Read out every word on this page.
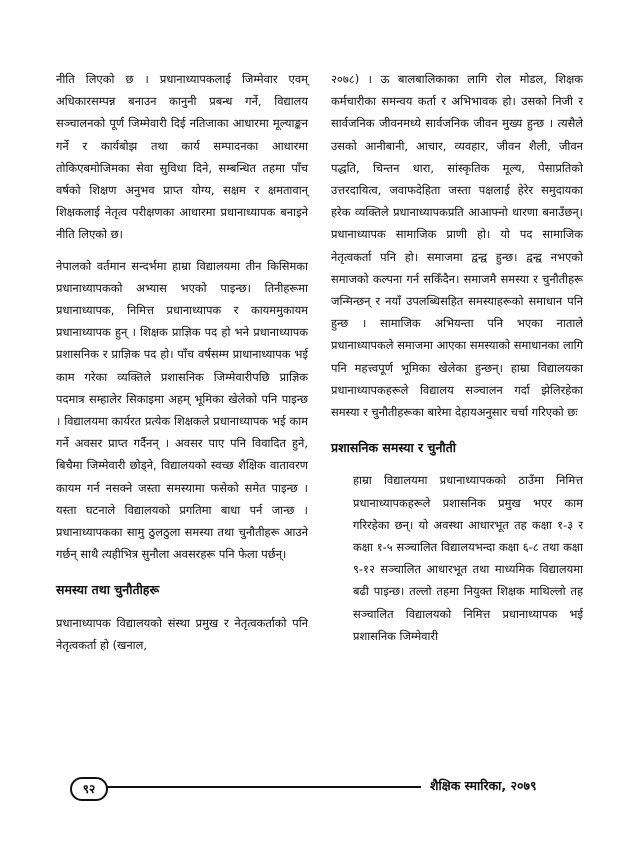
नीति लिएको छ । प्रधानाध्यापकलाई जिम्मेवार एवम् अधिकारसम्पन्न बनाउन कानुनी प्रबन्ध गर्ने, विद्यालय सञ्चालनको पूर्ण जिम्मेवारी दिई नतिजाका आधारमा मूल्याङ्कन गर्ने र कार्यबोझ तथा कार्य सम्पादनका आधारमा तोकिएबमोजिमका सेवा सुविधा दिने, सम्बन्धित तहमा पाँच वर्षको शिक्षण अनुभव प्राप्त योग्य, सक्षम र क्षमतावान् शिक्षकलाई नेतृत्व परीक्षणका आधारमा प्रधानाध्यापक बनाइने नीति लिएको छ।

नेपालको वर्तमान सन्दर्भमा हाम्रा विद्यालयमा तीन किसिमका प्रधानाध्यापकको अभ्यास भएको पाइन्छ। तिनीहरूमा प्रधानाध्यापक, निमित्त प्रधानाध्यापक र कायममुकायम प्रधानाध्यापक हुन् । शिक्षक प्राज्ञिक पद हो भने प्रधानाध्यापक प्रशासनिक र प्राज्ञिक पद हो। पाँच वर्षसम्म प्राधानाध्यापक भई काम गरेका व्यक्तिले प्रशासनिक जिम्मेवारीपछि प्राज्ञिक पदमात्र सम्हालेर सिकाइमा अहम् भूमिका खेलेको पनि पाइन्छ । विद्यालयमा कार्यरत प्रत्येक शिक्षकले प्रधानाध्यापक भई काम गर्ने अवसर प्राप्त गर्दैनन् । अवसर पाए पनि विवादित हुने, बिचैमा जिम्मेवारी छोड्ने, विद्यालयको स्वच्छ शैक्षिक वातावरण कायम गर्न नसक्ने जस्ता समस्यामा फसेको समेत पाइन्छ । यस्ता घटनाले विद्यालयको प्रगतिमा बाधा पर्न जान्छ । प्रधानाध्यापकका सामु ठुलठुला समस्या तथा चुनौतीहरू आउने गर्छन् साथै त्यहीभित्र सुनौला अवसरहरू पनि फेला पर्छन्।

समस्या तथा चुनौतीहरू

प्रधानाध्यापक विद्यालयको संस्था प्रमुख र नेतृत्वकर्ताको पनि नेतृत्वकर्ता हो (खनाल,

२०७८) । ऊ बालबालिकाका लागि रोल मोडल, शिक्षक कर्मचारीका समन्वय कर्ता र अभिभावक हो। उसको निजी र सार्वजनिक जीवनमध्ये सार्वजनिक जीवन मुख्य हुन्छ । त्यसैले उसको आनीबानी, आचार, व्यवहार, जीवन शैली, जीवन पद्धति, चिन्तन धारा, सांस्कृतिक मूल्य, पेसाप्रतिको उत्तरदायित्व, जवाफदेहिता जस्ता पक्षलाई हेरेर समुदायका हरेक व्यक्तिले प्रधानाध्यापकप्रति आआफ्नो धारणा बनाउँछन्। प्रधानाध्यापक सामाजिक प्राणी हो। यो पद सामाजिक नेतृत्वकर्ता पनि हो। समाजमा द्वन्द्व हुन्छ। द्वन्द्व नभएको समाजको कल्पना गर्न सकिँदैन। समाजमै समस्या र चुनौतीहरू जन्मिन्छन् र नयाँ उपलब्धिसहित समस्याहरूको समाधान पनि हुन्छ । सामाजिक अभियन्ता पनि भएका नाताले प्रधानाध्यापकले समाजमा आएका समस्याको समाधानका लागि पनि महत्त्वपूर्ण भूमिका खेलेका हुन्छन्। हाम्रा विद्यालयका प्रधानाध्यापकहरूले विद्यालय सञ्चालन गर्दा झेलिरहेका समस्या र चुनौतीहरूका बारेमा देहायअनुसार चर्चा गरिएको छः

प्रशासनिक समस्या र चुनौती

हाम्रा विद्यालयमा प्रधानाध्यापकको ठाउँमा निमित्त प्रधानाध्यापकहरूले प्रशासनिक प्रमुख भएर काम गरिरहेका छन्। यो अवस्था आधारभूत तह कक्षा १-३ र कक्षा १-५ सञ्चालित विद्यालयभन्दा कक्षा ६-८ तथा कक्षा ९-१२ सञ्चालित आधारभूत तथा माध्यमिक विद्यालयमा बढी पाइन्छ। तल्लो तहमा नियुक्त शिक्षक माथिल्लो तह सञ्चालित विद्यालयको निमित्त प्रधानाध्यापक भई प्रशासनिक जिम्मेवारी

९२	शैक्षिक स्मारिका, २०७९
